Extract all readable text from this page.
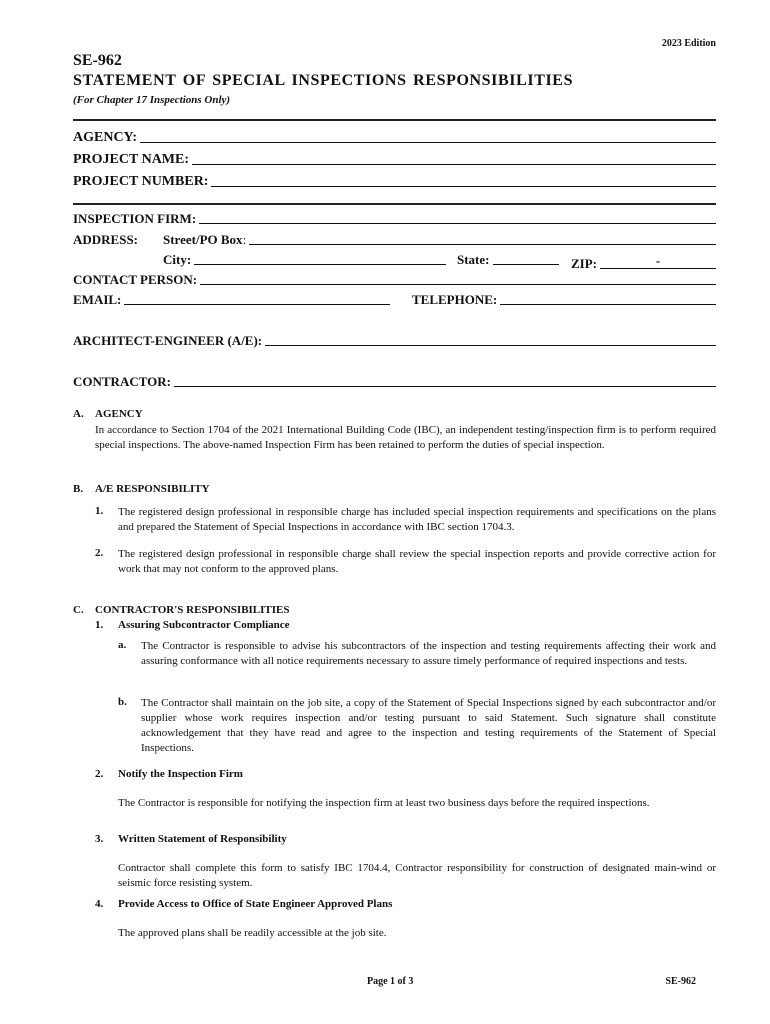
2023 Edition
SE-962
STATEMENT OF SPECIAL INSPECTIONS RESPONSIBILITIES
(For Chapter 17 Inspections Only)
AGENCY:
PROJECT NAME:
PROJECT NUMBER:
INSPECTION FIRM:
ADDRESS: Street/PO Box:
City:	State:	ZIP:	-
CONTACT PERSON:
EMAIL:	TELEPHONE:
ARCHITECT-ENGINEER (A/E):
CONTRACTOR:
A. AGENCY
In accordance to Section 1704 of the 2021 International Building Code (IBC), an independent testing/inspection firm is to perform required special inspections. The above-named Inspection Firm has been retained to perform the duties of special inspection.
B. A/E RESPONSIBILITY
1. The registered design professional in responsible charge has included special inspection requirements and specifications on the plans and prepared the Statement of Special Inspections in accordance with IBC section 1704.3.
2. The registered design professional in responsible charge shall review the special inspection reports and provide corrective action for work that may not conform to the approved plans.
C. CONTRACTOR'S RESPONSIBILITIES
1. Assuring Subcontractor Compliance
a. The Contractor is responsible to advise his subcontractors of the inspection and testing requirements affecting their work and assuring conformance with all notice requirements necessary to assure timely performance of required inspections and tests.
b. The Contractor shall maintain on the job site, a copy of the Statement of Special Inspections signed by each subcontractor and/or supplier whose work requires inspection and/or testing pursuant to said Statement. Such signature shall constitute acknowledgement that they have read and agree to the inspection and testing requirements of the Statement of Special Inspections.
2. Notify the Inspection Firm
The Contractor is responsible for notifying the inspection firm at least two business days before the required inspections.
3. Written Statement of Responsibility
Contractor shall complete this form to satisfy IBC 1704.4, Contractor responsibility for construction of designated main-wind or seismic force resisting system.
4. Provide Access to Office of State Engineer Approved Plans
The approved plans shall be readily accessible at the job site.
Page 1 of 3	SE-962
